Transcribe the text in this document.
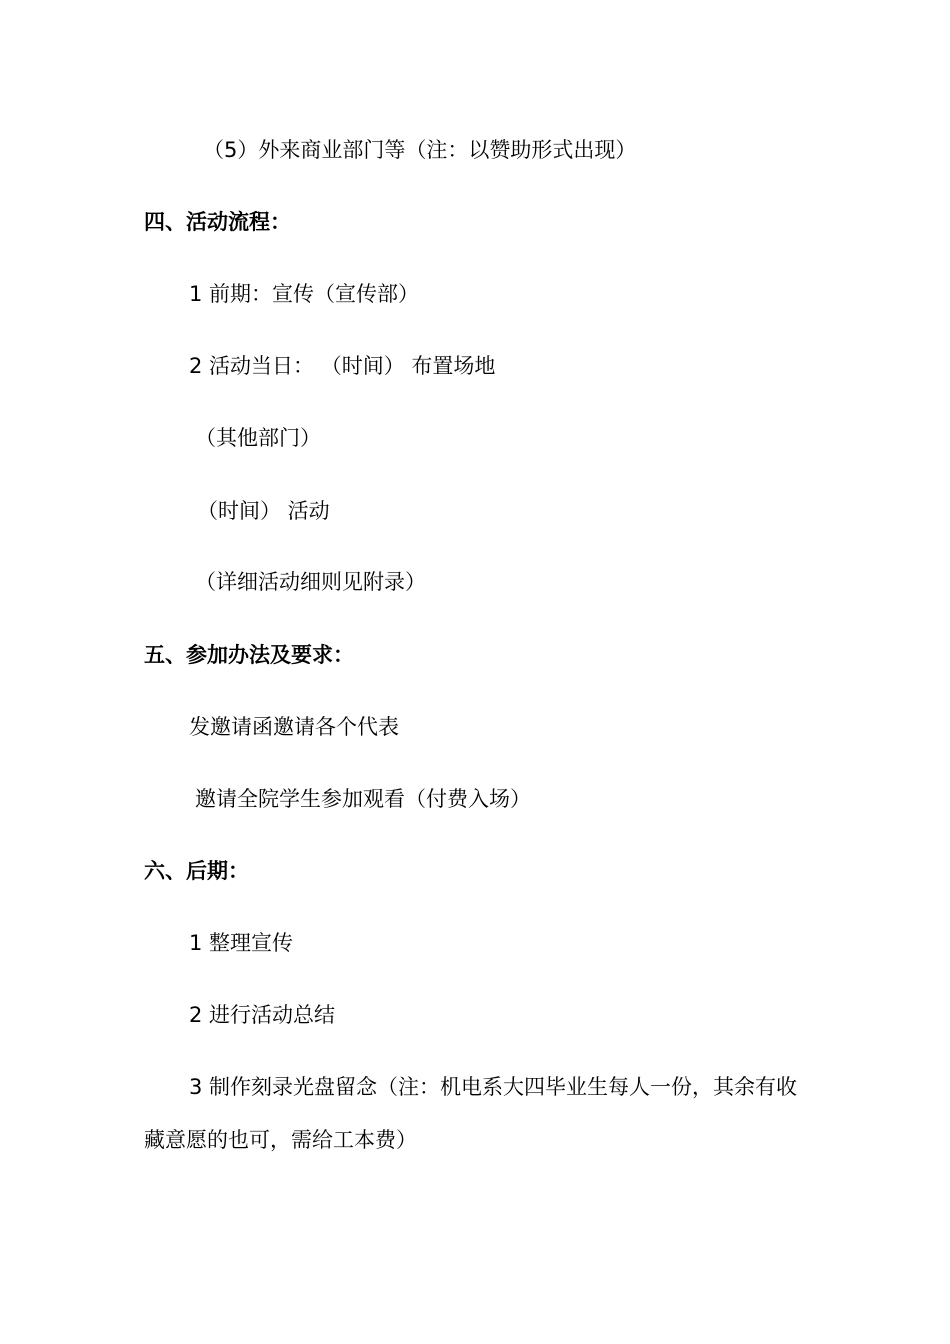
（5）外来商业部门等（注：以赞助形式出现）
四、活动流程：
1 前期：宣传（宣传部）
2 活动当日： （时间） 布置场地
（其他部门）
（时间） 活动
（详细活动细则见附录）
五、参加办法及要求：
发邀请函邀请各个代表
邀请全院学生参加观看（付费入场）
六、后期：
1 整理宣传
2 进行活动总结
3 制作刻录光盘留念（注：机电系大四毕业生每人一份，其余有收
藏意愿的也可，需给工本费）
